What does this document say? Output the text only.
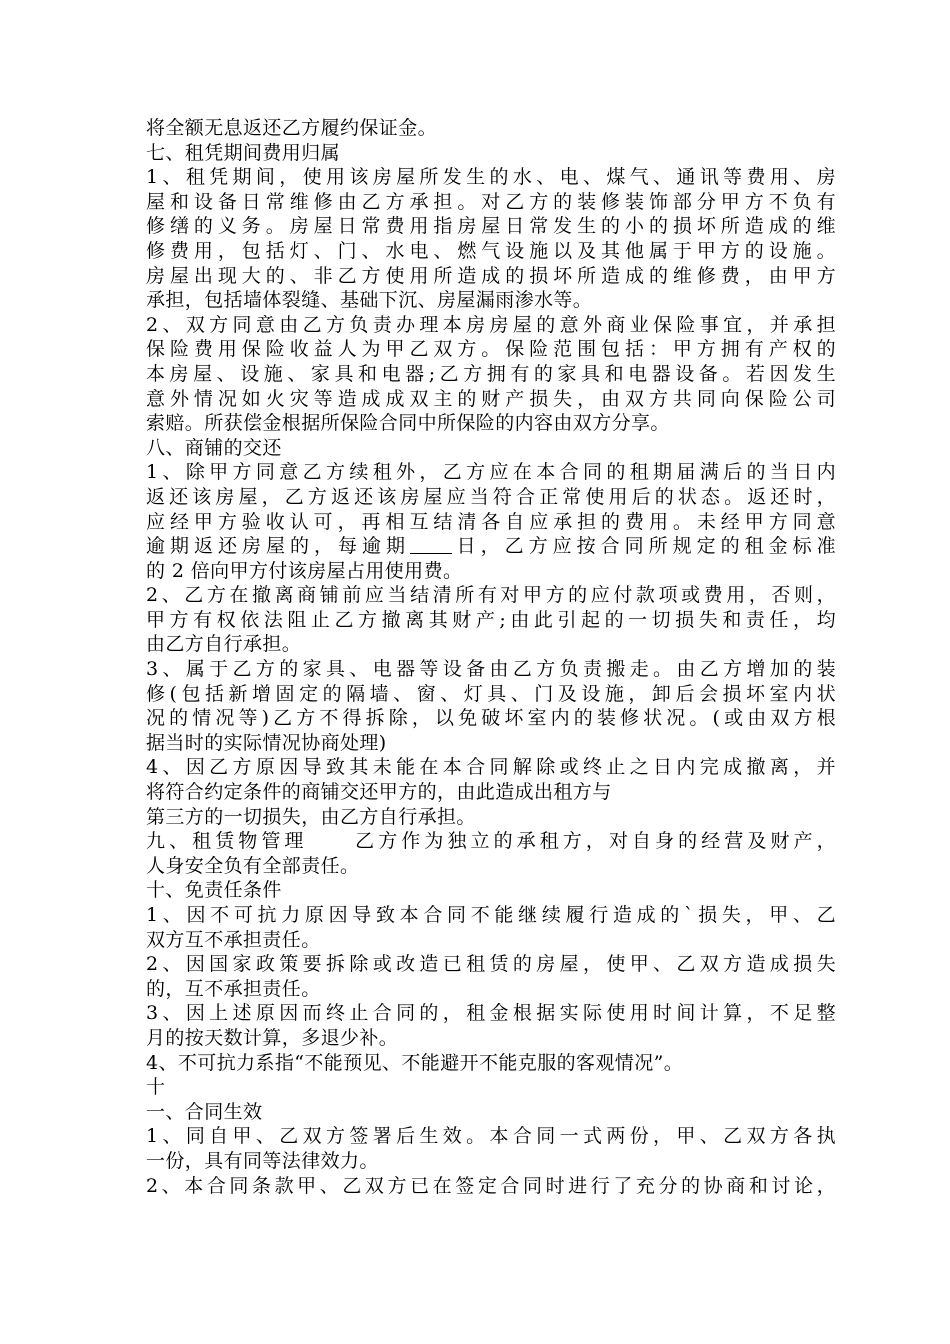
将全额无息返还乙方履约保证金。
七、租凭期间费用归属
1、租凭期间，使用该房屋所发生的水、电、煤气、通讯等费用、房
屋和设备日常维修由乙方承担。对乙方的装修装饰部分甲方不负有
修缮的义务。房屋日常费用指房屋日常发生的小的损坏所造成的维
修费用，包括灯、门、水电、燃气设施以及其他属于甲方的设施。
房屋出现大的、非乙方使用所造成的损坏所造成的维修费，由甲方
承担，包括墙体裂缝、基础下沉、房屋漏雨渗水等。
2、双方同意由乙方负责办理本房房屋的意外商业保险事宜，并承担
保险费用保险收益人为甲乙双方。保险范围包括：甲方拥有产权的
本房屋、设施、家具和电器;乙方拥有的家具和电器设备。若因发生
意外情况如火灾等造成成双主的财产损失，由双方共同向保险公司
索赔。所获偿金根据所保险合同中所保险的内容由双方分享。
八、商铺的交还
1、除甲方同意乙方续租外，乙方应在本合同的租期届满后的当日内
返还该房屋，乙方返还该房屋应当符合正常使用后的状态。返还时，
应经甲方验收认可，再相互结清各自应承担的费用。未经甲方同意
逾期返还房屋的，每逾期 日，乙方应按合同所规定的租金标准
的 2 倍向甲方付该房屋占用使用费。
2、乙方在撤离商铺前应当结清所有对甲方的应付款项或费用，否则，
甲方有权依法阻止乙方撤离其财产;由此引起的一切损失和责任，均
由乙方自行承担。
3、属于乙方的家具、电器等设备由乙方负责搬走。由乙方增加的装
修(包括新增固定的隔墙、窗、灯具、门及设施，卸后会损坏室内状
况的情况等)乙方不得拆除，以免破坏室内的装修状况。(或由双方根
据当时的实际情况协商处理)
4、因乙方原因导致其未能在本合同解除或终止之日内完成撤离，并
将符合约定条件的商铺交还甲方的，由此造成出租方与
第三方的一切损失，由乙方自行承担。
九、租赁物管理 乙方作为独立的承租方，对自身的经营及财产，
人身安全负有全部责任。
十、免责任条件
1、因不可抗力原因导致本合同不能继续履行造成的`损失，甲、乙
双方互不承担责任。
2、因国家政策要拆除或改造已租赁的房屋，使甲、乙双方造成损失
的，互不承担责任。
3、因上述原因而终止合同的，租金根据实际使用时间计算，不足整
月的按天数计算，多退少补。
4、不可抗力系指“不能预见、不能避开不能克服的客观情况”。
十
一、合同生效
1、同自甲、乙双方签署后生效。本合同一式两份，甲、乙双方各执
一份，具有同等法律效力。
2、本合同条款甲、乙双方已在签定合同时进行了充分的协商和讨论，
